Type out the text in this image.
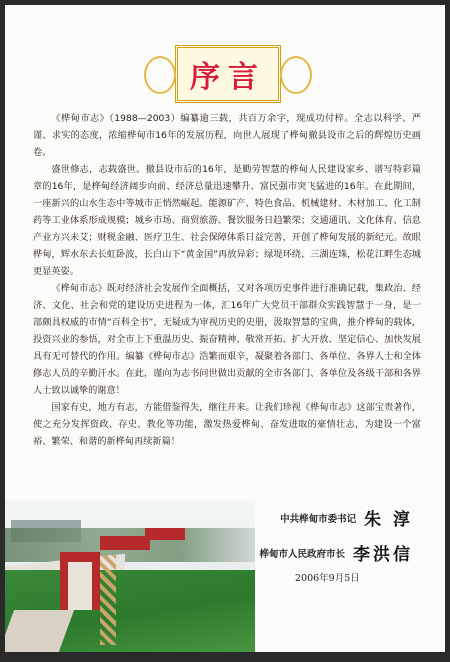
序言

《桦甸市志》（1988—2003）编纂逾三载，共百万余字，现成功付梓。全志以科学、严谨、求实的态度，浓缩桦甸市16年的发展历程，向世人展现了桦甸撤县设市之后的辉煌历史画卷。

盛世修志，志载盛世。撤县设市后的16年，是勤劳智慧的桦甸人民建设家乡、谱写特彩篇章的16年，是桦甸经济阔步向前、经济总量迅速攀升、富民强市突飞猛进的16年。在此期间，一座新兴的山水生态中等城市正悄然崛起。能源矿产、特色食品、机械建材、木材加工、化工制药等工业体系形成规模；城乡市场、商贸旅游、餐饮服务日趋繁荣；交通通讯、文化体育、信息产业方兴未艾；财税金融、医疗卫生、社会保障体系日益完善，开创了桦甸发展的新纪元。故眼桦甸，辉水东去长虹卧波，长白山下“黄金国”再放异彩；绿堤环绕、三湖连珠，松花江畔生态城更显英姿。

《桦甸市志》既对经济社会发展作全面概括，又对各项历史事件进行准确记载，集政治、经济、文化、社会和党的建设历史进程为一体，汇16年广大党员干部群众实践智慧于一身，是一部颇具权威的市情“百科全书”，无疑成为审视历史的史册，汲取智慧的宝典，推介桦甸的载体，投资兴业的参悟，对全市上下重温历史、振奋精神、敬常开拓、扩大开放、坚定信心、加快发展具有无可替代的作用。编纂《桦甸市志》浩繁而艰辛，凝聚着各部门、各单位、各界人士和全体修志人员的辛勤汗水。在此，谨向为志书问世做出贡献的全市各部门、各单位及各级干部和各界人士致以诚挚的谢意！

国家有史，地方有志，方能借鉴得失，继往开来。让我们珍视《桦甸市志》这部宝贵著作，使之充分发挥资政、存史、教化等功能，激发热爱桦甸、奋发进取的豪情壮志，为建设一个富裕、繁荣、和谐的新桦甸再续新篇！

中共桦甸市委书记 朱 淳
桦甸市人民政府市长 李洪信
2006年9月5日
